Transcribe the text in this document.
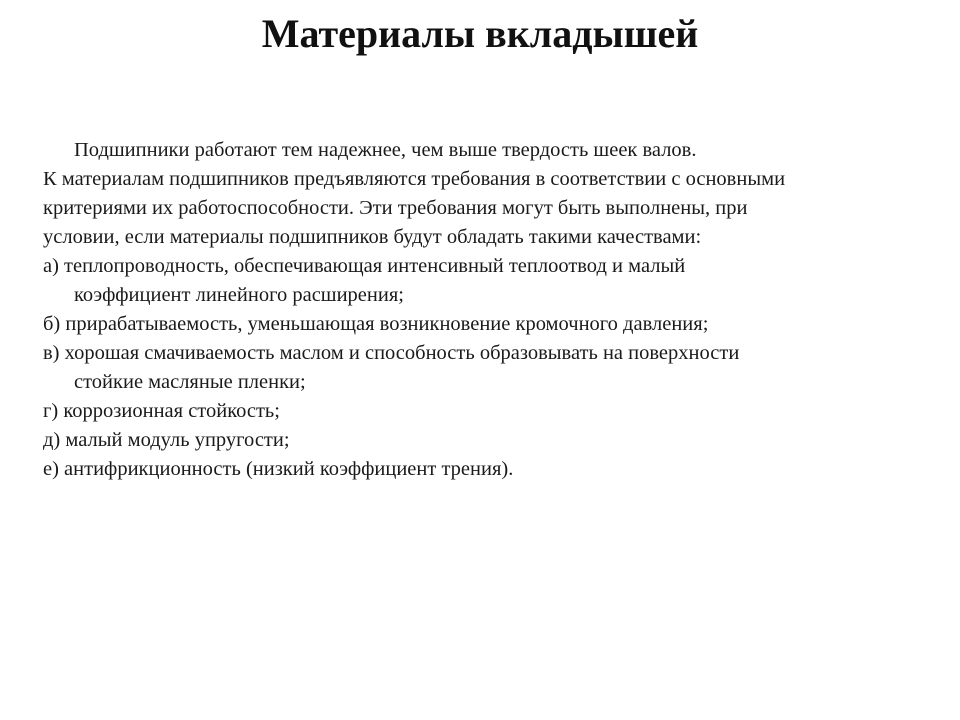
Материалы вкладышей
Подшипники работают тем надежнее, чем выше твердость шеек валов.
К материалам подшипников предъявляются требования в соответствии с основными
критериями их работоспособности. Эти требования могут быть выполнены, при
условии, если материалы подшипников будут обладать такими качествами:
а) теплопроводность, обеспечивающая интенсивный теплоотвод и малый
коэффициент линейного расширения;
б) прирабатываемость, уменьшающая возникновение кромочного давления;
в) хорошая смачиваемость маслом и способность образовывать на поверхности
стойкие масляные пленки;
г) коррозионная стойкость;
д) малый модуль упругости;
е) антифрикционность (низкий коэффициент трения).
